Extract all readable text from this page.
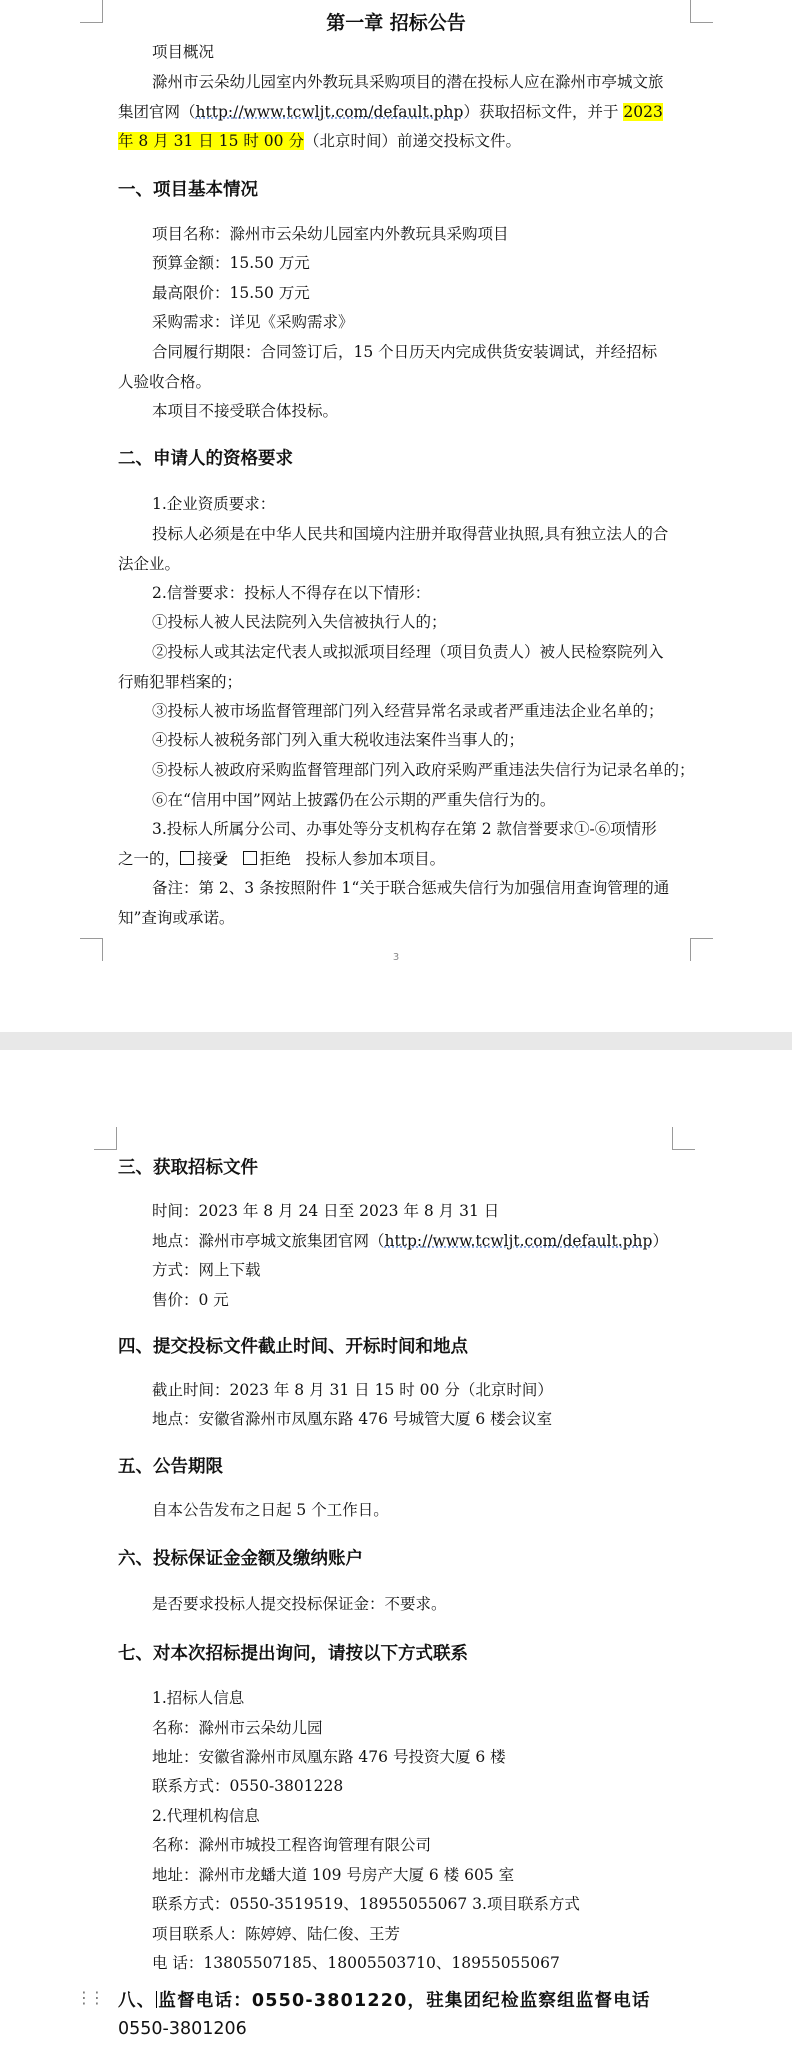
第一章 招标公告
项目概况
滁州市云朵幼儿园室内外教玩具采购项目的潜在投标人应在滁州市亭城文旅集团官网（http://www.tcwljt.com/default.php）获取招标文件，并于 2023年 8 月 31 日 15 时 00 分（北京时间）前递交投标文件。
一、项目基本情况
项目名称：滁州市云朵幼儿园室内外教玩具采购项目
预算金额：15.50 万元
最高限价：15.50 万元
采购需求：详见《采购需求》
合同履行期限：合同签订后，15 个日历天内完成供货安装调试，并经招标人验收合格。
本项目不接受联合体投标。
二、申请人的资格要求
1.企业资质要求：
投标人必须是在中华人民共和国境内注册并取得营业执照,具有独立法人的合法企业。
2.信誉要求：投标人不得存在以下情形：
①投标人被人民法院列入失信被执行人的；
②投标人或其法定代表人或拟派项目经理（项目负责人）被人民检察院列入行贿犯罪档案的；
③投标人被市场监督管理部门列入经营异常名录或者严重违法企业名单的；
④投标人被税务部门列入重大税收违法案件当事人的；
⑤投标人被政府采购监督管理部门列入政府采购严重违法失信行为记录名单的；
⑥在“信用中国”网站上披露仍在公示期的严重失信行为的。
3.投标人所属分公司、办事处等分支机构存在第 2 款信誉要求①-⑥项情形之一的，✓ 接受 拒绝 投标人参加本项目。
备注：第 2、3 条按照附件 1“关于联合惩戒失信行为加强信用查询管理的通知”查询或承诺。
3
三、获取招标文件
时间：2023 年 8 月 24 日至 2023 年 8 月 31 日
地点：滁州市亭城文旅集团官网（http://www.tcwljt.com/default.php）
方式：网上下载
售价：0 元
四、提交投标文件截止时间、开标时间和地点
截止时间：2023 年 8 月 31 日 15 时 00 分（北京时间）
地点：安徽省滁州市凤凰东路 476 号城管大厦 6 楼会议室
五、公告期限
自本公告发布之日起 5 个工作日。
六、投标保证金金额及缴纳账户
是否要求投标人提交投标保证金：不要求。
七、对本次招标提出询问，请按以下方式联系
1.招标人信息
名称：滁州市云朵幼儿园
地址：安徽省滁州市凤凰东路 476 号投资大厦 6 楼
联系方式：0550-3801228
2.代理机构信息
名称：滁州市城投工程咨询管理有限公司
地址：滁州市龙蟠大道 109 号房产大厦 6 楼 605 室
联系方式：0550-3519519、18955055067 3.项目联系方式
项目联系人：陈婷婷、陆仁俊、王芳
电 话：13805507185、18005503710、18955055067
⋮⋮ 八、 监督电话：0550-3801220，驻集团纪检监察组监督电话
0550-3801206
